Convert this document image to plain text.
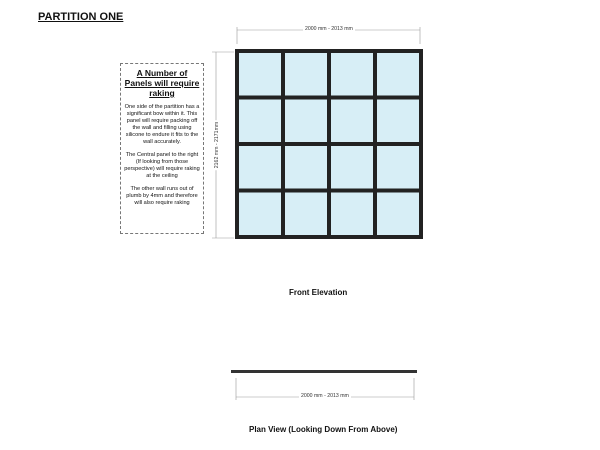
PARTITION ONE
A Number of Panels will require raking
One side of the partition has a significant bow within it. This panel will require packing off the wall and filling using silicone to endure it fits to the wall accurately.
The Central panel to the right (If looking from those perspective) will require raking at the ceiling
The other wall runs out of plumb by 4mm and therefore will also require raking
2000 mm - 2013 mm
2162 mm - 2171mm
2000 mm - 2013 mm
Front Elevation
Plan View (Looking Down From Above)
